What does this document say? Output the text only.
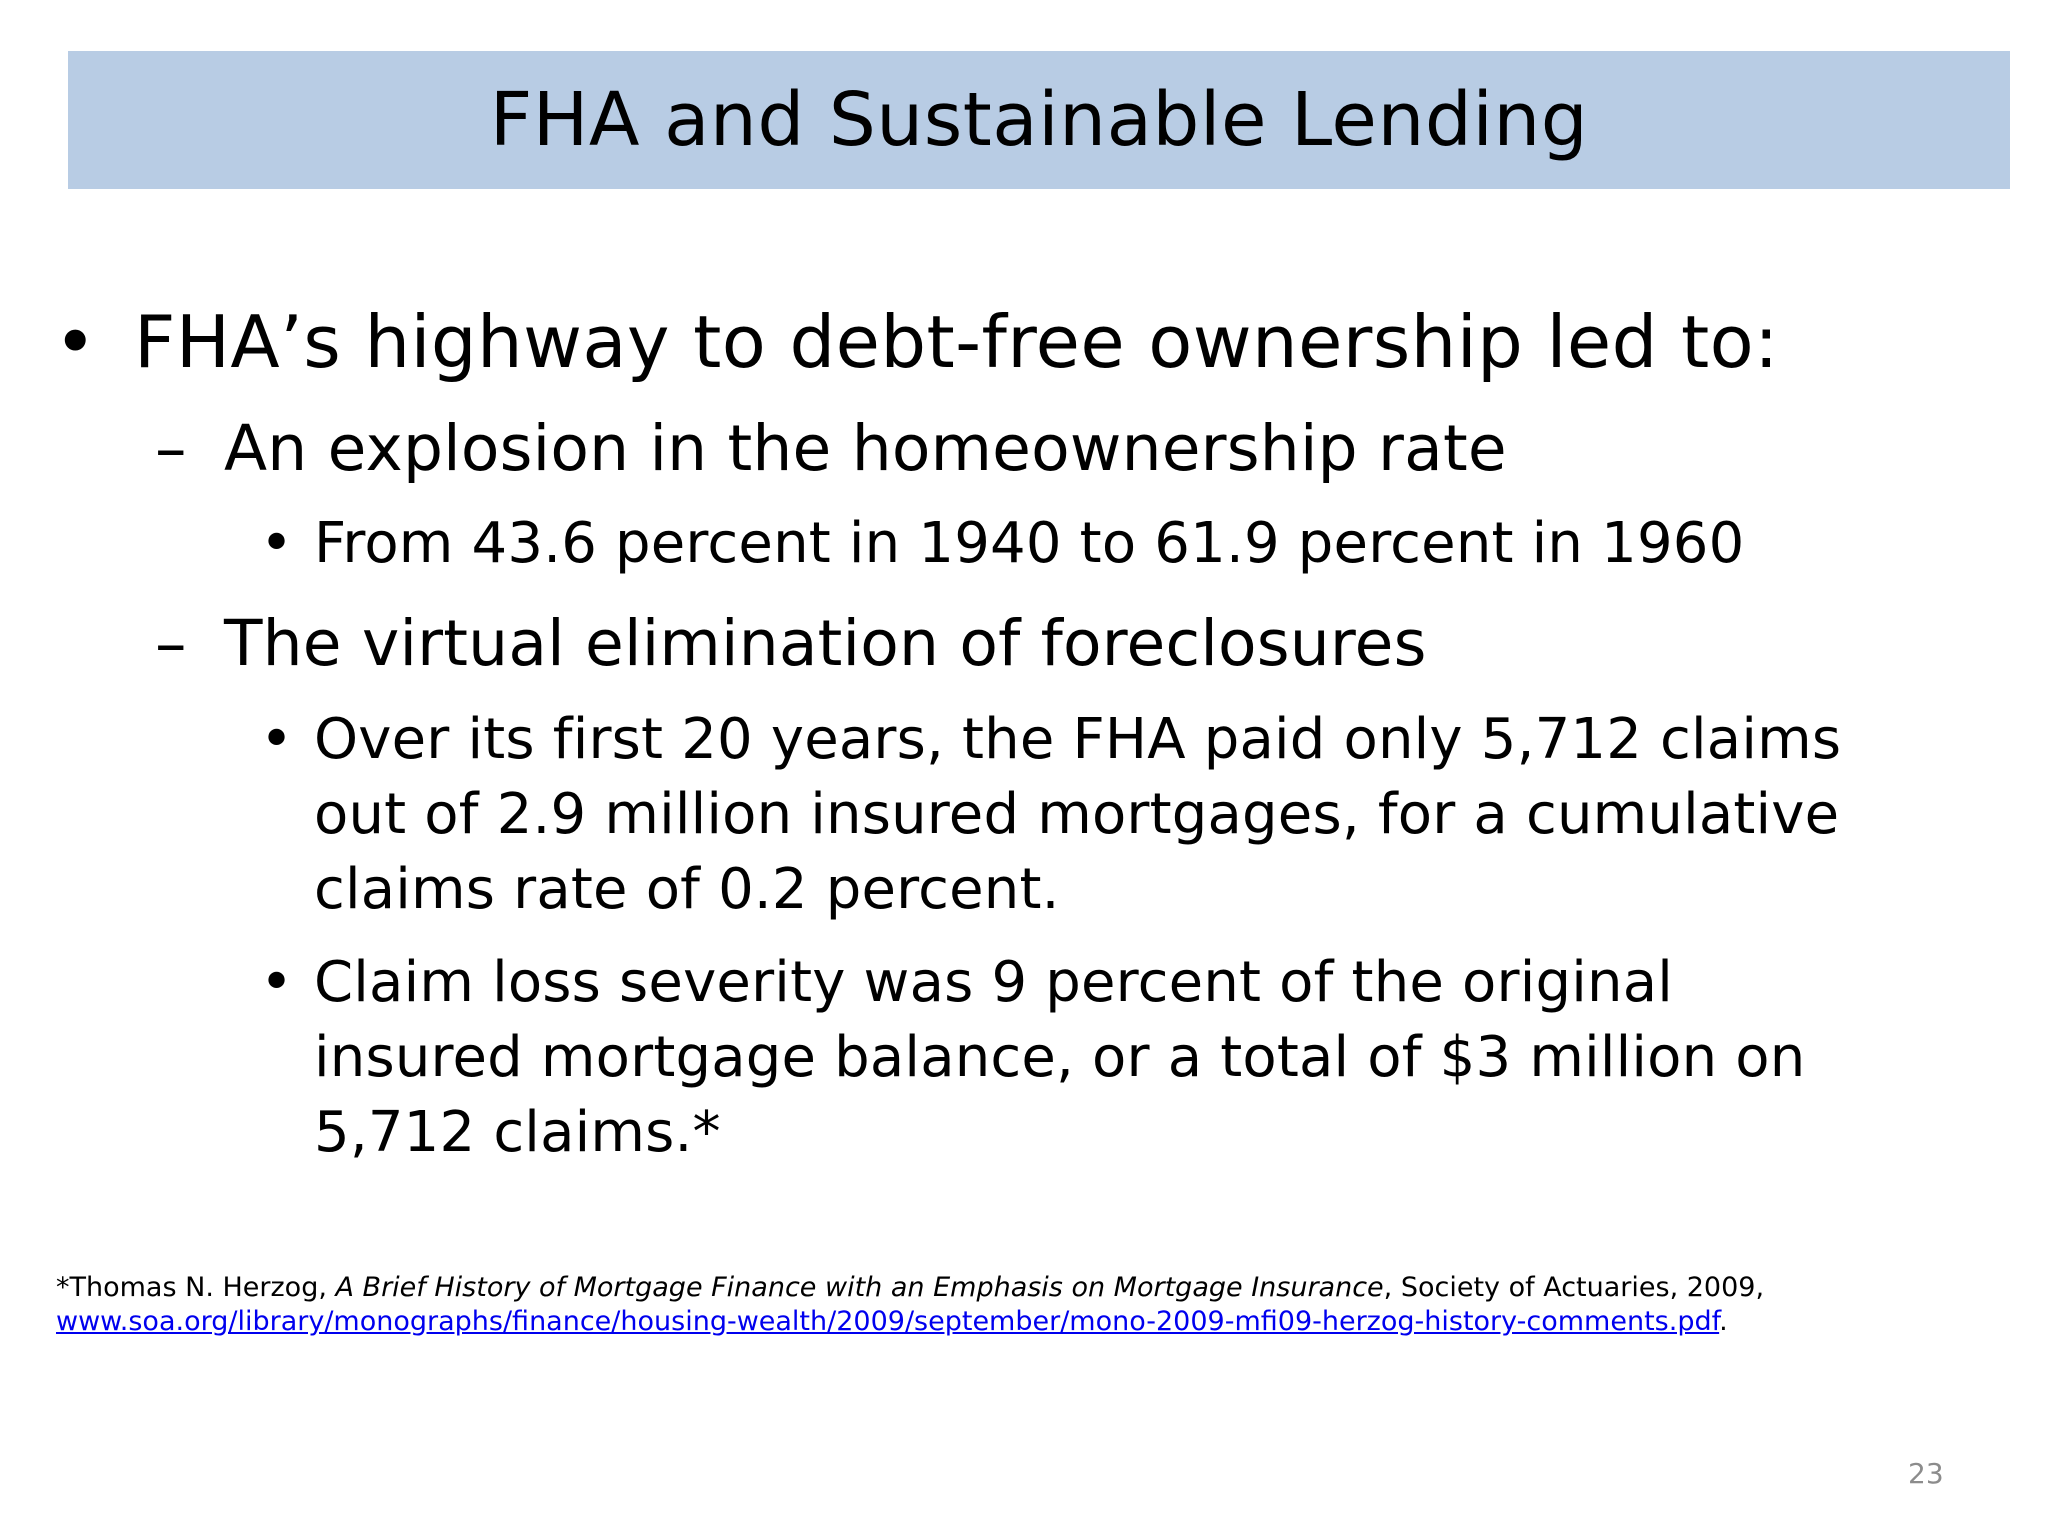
FHA and Sustainable Lending
• FHA’s highway to debt-free ownership led to:
– An explosion in the homeownership rate
• From 43.6 percent in 1940 to 61.9 percent in 1960
– The virtual elimination of foreclosures
• Over its first 20 years, the FHA paid only 5,712 claims
out of 2.9 million insured mortgages, for a cumulative
claims rate of 0.2 percent.
• Claim loss severity was 9 percent of the original
insured mortgage balance, or a total of $3 million on
5,712 claims.*
*Thomas N. Herzog, A Brief History of Mortgage Finance with an Emphasis on Mortgage Insurance, Society of Actuaries, 2009,
www.soa.org/library/monographs/finance/housing-wealth/2009/september/mono-2009-mfi09-herzog-history-comments.pdf.
23
